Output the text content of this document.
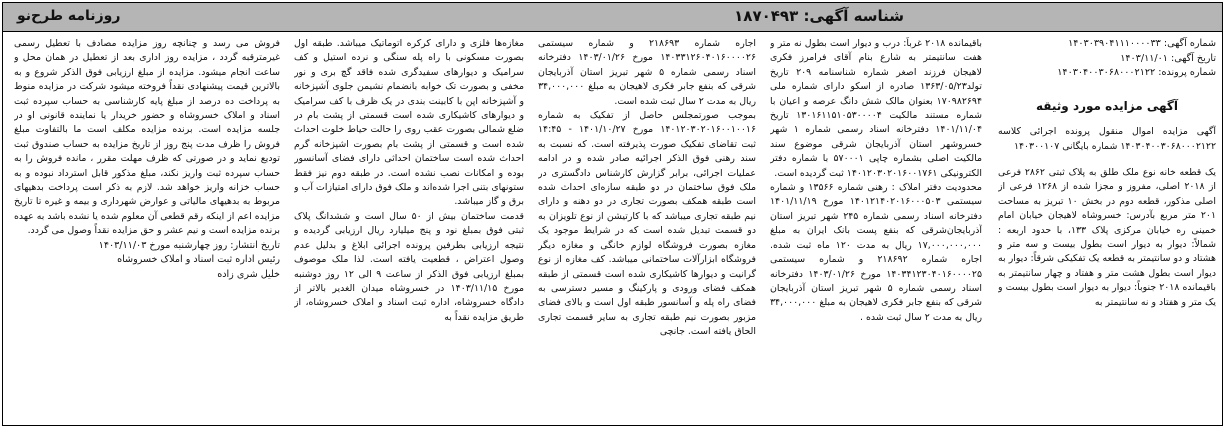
شناسه آگهی: ۱۸۷۰۴۹۳
روزنامه طرح‌نو
شماره آگهی: ۱۴۰۳۰۳۹۰۴۱۱۱۰۰۰۰۳۳
تاریخ آگهی: ۱۴۰۳/۱۱/۰۱
شماره پرونده: ۱۴۰۳۰۴۰۰۳۰۶۸۰۰۰۲۱۲۲
آگهی مزایده مورد وثیقه

آگهی مزایده اموال منقول پرونده اجرائی کلاسه ۱۴۰۳۰۴۰۰۳۰۶۸۰۰۰۲۱۲۲ شماره بایگانی ۱۴۰۳۰۰۱۰۷

یک قطعه خانه نوع ملک طلق به پلاک ثبتی ۲۸۶۲ فرعی از ۲۰۱۸ اصلی، مفروز و مجزا شده از ۱۲۶۸ فرعی از اصلی مذکور، قطعه دوم در بخش ۱۰ تبریز به مساحت ۲۰۱ متر مربع بآدرس: خسروشاه لاهیجان خیابان امام خمینی ره خیابان مرکزی پلاک ۱۳۳، با حدود اربعه : شمالاً: دیوار به دیوار است بطول بیست و سه متر و هشتاد و دو سانتیمتر به قطعه یک تفکیکی شرقاً: دیوار به دیوار است بطول هشت متر و هفتاد و چهار سانتیمتر به باقیمانده ۲۰۱۸ جنوباً: دیوار به دیوار است بطول بیست و یک متر و هفتاد و نه سانتیمتر به

باقیمانده ۲۰۱۸ غرباً: درب و دیوار است بطول نه متر و هفت سانتیمتر به شارع بنام آقای فرامرز فکری لاهیجان فرزند اصغر شماره شناسنامه ۲۰۹ تاریخ تولد۱۳۶۳/۰۵/۲۳ صادره از اسکو دارای شماره ملی ۱۷۰۹۸۲۶۹۴ بعنوان مالک شش دانگ عرصه و اعیان با شماره مستند مالکیت ۱۳۰۱۶۱۱۵۱۰۵۳۰۰۰۰۴ تاریخ ۱۴۰۱/۱۱/۰۴ دفترخانه اسناد رسمی شماره ۱ شهر خسروشهر استان آذربایجان شرقی موضوع سند مالکیت اصلی بشماره چاپی ۵۷۰۰۰۱ با شماره دفتر الکترونیکی ۱۴۰۱۲۰۳۰۲۰۱۶۰۰۱۷۶۱ ثبت گردیده است.
محدودیت دفتر املاک : رهنی شماره ۱۳۵۶۶ و شماره سیستمی ۱۴۰۱۲۱۴۰۲۰۱۶۰۰۰۵۰۳ مورخ ۱۴۰۱/۱۱/۱۹ دفترخانه اسناد رسمی شماره ۲۴۵ شهر تبریز استان آذربایجان‌شرقی که بنفع پست بانک ایران به مبلغ ۱۷,۰۰۰,۰۰۰,۰۰۰ ریال به مدت ۱۲۰ ماه ثبت شده. اجاره شماره ۲۱۸۶۹۲ و شماره سیستمی ۱۴۰۳۴۱۲۳۰۴۰۱۶۰۰۰۰۲۵ مورخ ۱۴۰۳/۰۱/۲۶ دفترخانه اسناد رسمی شماره ۵ شهر تبریز استان آذربایجان شرقی که بنفع جابر فکری لاهیجان به مبلغ ۳۴,۰۰۰,۰۰۰ ریال به مدت ۲ سال ثبت شده .

اجاره شماره ۲۱۸۶۹۳ و شماره سیستمی ۱۴۰۳۳۱۲۶۰۴۰۱۶۰۰۰۰۲۶ مورخ ۱۴۰۳/۰۱/۲۶ دفترخانه اسناد رسمی شماره ۵ شهر تبریز استان آذربایجان شرقی که بنفع جابر فکری لاهیجان به مبلغ ۳۴,۰۰۰,۰۰۰ ریال به مدت ۲ سال ثبت شده است.
بموجب صورتمجلس حاصل از تفکیک به شماره ۱۴۰۱۲۰۳۰۲۰۱۶۰۰۱۰۰۱۶ مورخ ۱۴۰۱/۱۰/۲۷ - ۱۴:۴۵ ثبت تقاضای تفکیک صورت پذیرفته است. که نسبت به سند رهنی فوق الذکر اجرائیه صادر شده و در ادامه عملیات اجرائی، برابر گزارش کارشناس دادگستری در ملک فوق ساختمان در دو طبقه سازه‌ای احداث شده است طبقه همکف بصورت تجاری در دو دهنه و دارای نیم طبقه تجاری میباشد که با کارتیشن از نوع تلویزان به دو قسمت تبدیل شده است که در شرایط موجود یک مغازه بصورت فروشگاه لوازم خانگی و مغازه دیگر فروشگاه ابزارآلات ساختمانی میباشد. کف مغازه از نوع گرانیت و دیوارها کاشیکاری شده است قسمتی از طبقه همکف فضای ورودی و پارکینگ و مسیر دسترسی به فضای راه پله و آسانسور طبقه اول است و بالای فضای مزبور بصورت نیم طبقه تجاری به سایر قسمت تجاری الحاق یافته است. جانچی

مغازه‌ها فلزی و دارای کرکره اتوماتیک میباشد. طبقه اول بصورت مسکونی با راه پله سنگی و نرده استیل و کف سرامیک و دیوارهای سفیدگری شده فاقد گچ بری و نور مخفی و بصورت تک خوابه بانضمام نشیمن جلوی آشپزخانه و آشپزخانه اپن با کابینت بندی در یک ظرف با کف سرامیک و دیوارهای کاشیکاری شده است قسمتی از پشت بام در ضلع شمالی بصورت عقب روی را حالت حیاط خلوت احداث شده است و قسمتی از پشت بام بصورت اشپزخانه گرم احداث شده است ساختمان احداثی دارای فضای آسانسور بوده و امکانات نصب نشده است. در طبقه دوم نیز فقط ستونهای بتنی اجرا شده‌اند و ملک فوق دارای امتیازات آب و برق و گاز میباشد.
قدمت ساختمان بیش از ۵۰ سال است و ششدانگ پلاک ثبتی فوق بمبلغ نود و پنج میلیارد ریال ارزیابی گردیده و نتیجه ارزیابی بطرفین پرونده اجرائی ابلاغ و بدلیل عدم وصول اعتراض ، قطعیت یافته است. لذا ملک موصوف بمبلغ ارزیابی فوق الذکر از ساعت ۹ الی ۱۲ روز دوشنبه مورخ ۱۴۰۳/۱۱/۱۵ در خسروشاه میدان الغدیر بالاتر از دادگاه خسروشاه، اداره ثبت اسناد و املاک خسروشاه، از طریق مزایده نقداً به

فروش می رسد و چنانچه روز مزایده مصادف با تعطیل رسمی غیرمترقبه گردد ، مزایده روز اداری بعد از تعطیل در همان محل و ساعت انجام میشود. مزایده از مبلغ ارزیابی فوق الذکر شروع و به بالاترین قیمت پیشنهادی نقداً فروخته میشود شرکت در مزایده منوط به پرداخت ده درصد از مبلغ پایه کارشناسی به حساب سپرده ثبت اسناد و املاک خسروشاه و حضور خریدار یا نماینده قانونی او در جلسه مزایده است. برنده مزایده مکلف است ما بالتفاوت مبلغ فروش را ظرف مدت پنج روز از تاریخ مزایده به حساب صندوق ثبت تودیع نماید و در صورتی که ظرف مهلت مقرر ، مانده فروش را به حساب سپرده ثبت واریز نکند، مبلغ مذکور قابل استرداد نبوده و به حساب خزانه واریز خواهد شد. لازم به ذکر است پرداخت بدهیهای مربوط به بدهیهای مالیاتی و عوارض شهرداری و بیمه و غیره تا تاریخ مزایده اعم از اینکه رقم قطعی آن معلوم شده یا نشده باشد به عهده برنده مزایده است و نیم عشر و حق مزایده نقداً وصول می گردد.

تاریخ انتشار: روز چهارشنبه مورخ ۱۴۰۳/۱۱/۰۳
رئیس اداره ثبت اسناد و املاک خسروشاه
خلیل شری زاده
